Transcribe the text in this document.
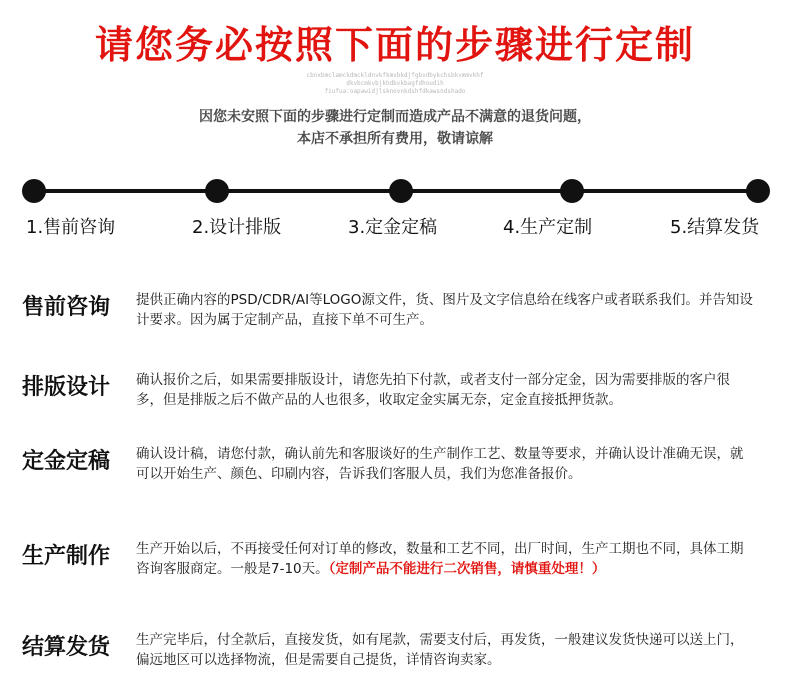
请您务必按照下面的步骤进行定制
cbnxbmclamckdmckldnvkfkmvbkdjfgbvdbykchsbkvmmvkhf
dkvbcmkvbjkhdbvkbagfdhoudih
fiufua:oapawidjlsknovnkdshfdkawsndshado
因您未安照下面的步骤进行定制而造成产品不满意的退货问题，
本店不承担所有费用，敬请谅解
1.售前咨询	2.设计排版	3.定金定稿	4.生产定制	5.结算发货
售前咨询 提供正确内容的PSD/CDR/AI等LOGO源文件，货、图片及文字信息给在线客户或者联系我们。并告知设计要求。因为属于定制产品，直接下单不可生产。
排版设计 确认报价之后，如果需要排版设计，请您先拍下付款，或者支付一部分定金，因为需要排版的客户很多，但是排版之后不做产品的人也很多，收取定金实属无奈，定金直接抵押货款。
定金定稿 确认设计稿，请您付款，确认前先和客服谈好的生产制作工艺、数量等要求，并确认设计准确无误，就可以开始生产、颜色、印刷内容，告诉我们客服人员，我们为您准备报价。
生产制作 生产开始以后，不再接受任何对订单的修改，数量和工艺不同，出厂时间，生产工期也不同，具体工期咨询客服商定。一般是7-10天。（定制产品不能进行二次销售，请慎重处理！）
结算发货 生产完毕后，付全款后，直接发货，如有尾款，需要支付后，再发货，一般建议发货快递可以送上门，偏远地区可以选择物流，但是需要自己提货，详情咨询卖家。
